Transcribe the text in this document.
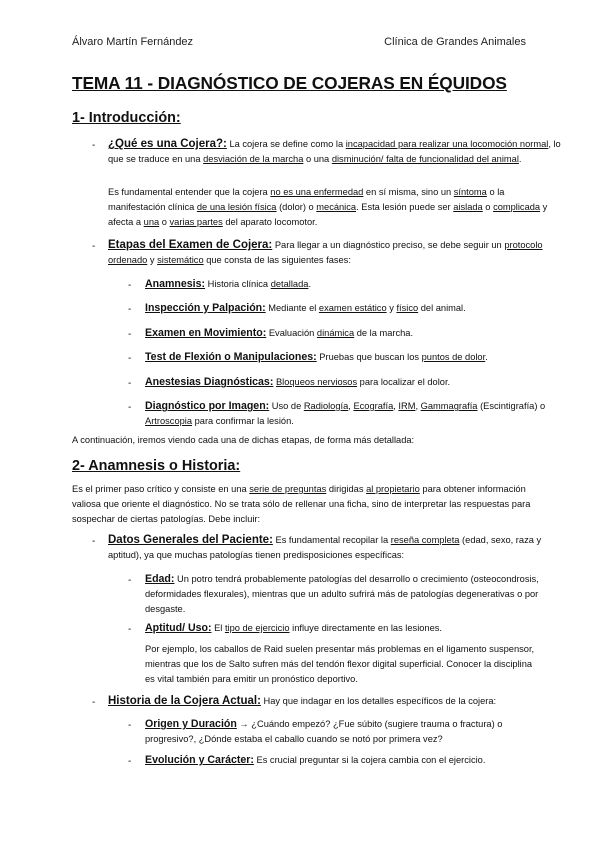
Álvaro Martín Fernández	Clínica de Grandes Animales
TEMA 11 - DIAGNÓSTICO DE COJERAS EN ÉQUIDOS
1- Introducción:
- ¿Qué es una Cojera?: La cojera se define como la incapacidad para realizar una locomoción normal, lo que se traduce en una desviación de la marcha o una disminución/ falta de funcionalidad del animal.

Es fundamental entender que la cojera no es una enfermedad en sí misma, sino un síntoma o la manifestación clínica de una lesión física (dolor) o mecánica. Esta lesión puede ser aislada o complicada y afecta a una o varias partes del aparato locomotor.

- Etapas del Examen de Cojera: Para llegar a un diagnóstico preciso, se debe seguir un protocolo ordenado y sistemático que consta de las siguientes fases:

- Anamnesis: Historia clínica detallada.

- Inspección y Palpación: Mediante el examen estático y físico del animal.

- Examen en Movimiento: Evaluación dinámica de la marcha.

- Test de Flexión o Manipulaciones: Pruebas que buscan los puntos de dolor.

- Anestesias Diagnósticas: Bloqueos nerviosos para localizar el dolor.

- Diagnóstico por Imagen: Uso de Radiología, Ecografía, IRM, Gammagrafía (Escintigrafía) o Artroscopia para confirmar la lesión.

A continuación, iremos viendo cada una de dichas etapas, de forma más detallada:

2- Anamnesis o Historia:

Es el primer paso crítico y consiste en una serie de preguntas dirigidas al propietario para obtener información valiosa que oriente el diagnóstico. No se trata sólo de rellenar una ficha, sino de interpretar las respuestas para sospechar de ciertas patologías. Debe incluir:

- Datos Generales del Paciente: Es fundamental recopilar la reseña completa (edad, sexo, raza y aptitud), ya que muchas patologías tienen predisposiciones específicas:

- Edad: Un potro tendrá probablemente patologías del desarrollo o crecimiento (osteocondrosis, deformidades flexurales), mientras que un adulto sufrirá más de patologías degenerativas o por desgaste.

- Aptitud/ Uso: El tipo de ejercicio influye directamente en las lesiones.

Por ejemplo, los caballos de Raid suelen presentar más problemas en el ligamento suspensor, mientras que los de Salto sufren más del tendón flexor digital superficial. Conocer la disciplina es vital también para emitir un pronóstico deportivo.

- Historia de la Cojera Actual: Hay que indagar en los detalles específicos de la cojera:

- Origen y Duración → ¿Cuándo empezó? ¿Fue súbito (sugiere trauma o fractura) o progresivo?, ¿Dónde estaba el caballo cuando se notó por primera vez?

- Evolución y Carácter: Es crucial preguntar si la cojera cambia con el ejercicio.
